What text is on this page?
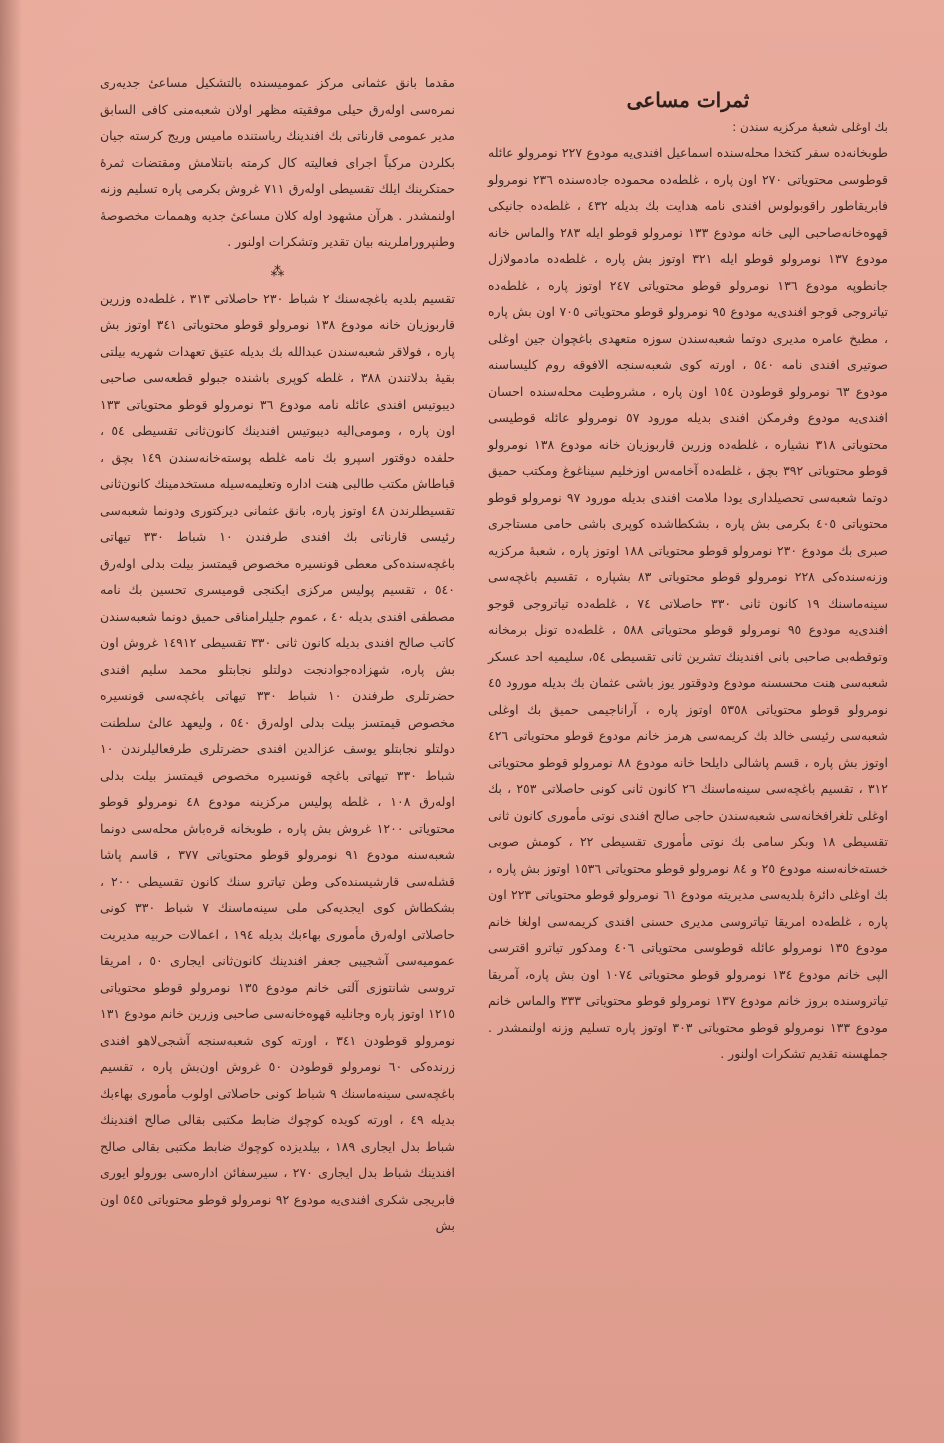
ثمرات مساعی
بك اوغلی شعبهٔ مركزیه سندن :
طوبخانه‌ده سفر كتخدا محله‌سنده اسماعیل افندی‌یه مودوع ٢٢٧ نومرولو عائله قوطوسی محتویاتی ٢٧٠ اون پاره ، غلطه‌ده محموده جاده‌سنده ٢٣٦ نومرولو فابریقاطور راقوبولوس افندی نامه هدایت بك بدیله ٤٣٢ ، غلطه‌ده جانیكی قهوه‌خانه‌صاحبی الپی خانه مودوع ١٣٣ نومرولو قوطو ایله ٢٨٣ والماس خانه مودوع ١٣٧ نومرولو قوطو ایله ٣٢١ اوتوز بش پاره ، غلطه‌ده مادمولازل جانطوپه مودوع ١٣٦ نومرولو قوطو محتویاتی ٢٤٧ اوتوز پاره ، غلطه‌ده تیاتروجی قوجو افندی‌یه مودوع ٩٥ نومرولو قوطو محتویاتی ٧٠٥ اون بش پاره ، مطبخ عامره مدیری دوتما شعبه‌سندن سوزه متعهدی باغچوان جین اوغلی صوتیری افندی نامه ٥٤٠ ، اورته كوی شعبه‌سنجه الافوقه روم كلیساسنه مودوع ٦٣ نومرولو قوطودن ١٥٤ اون پاره ، مشروطیت محله‌سنده احسان افندی‌یه مودوع وفرمكن افندی بدیله مورود ٥٧ نومرولو عائله قوطیسی محتویاتی ٣١٨ نشیاره ، غلطه‌ده وزرین قاربوزیان خانه مودوع ١٣٨ نومرولو قوطو محتویاتی ٣٩٢ بچق ، غلطه‌ده آخامه‌س اوزخلیم سیناغوغ ومكتب حمیق دوتما شعبه‌سی تحصیلداری یودا ملامت افندی بدیله مورود ٩٧ نومرولو قوطو محتویاتی ٤٠٥ بكرمی بش پاره ، بشكطاشده كوپری باشی حامی مستاجری صبری بك مودوع ٢٣٠ نومرولو قوطو محتویاتی ١٨٨ اوتوز پاره ، شعبهٔ مركزیه وزنه‌سنده‌كی ٢٢٨ نومرولو قوطو محتویاتی ٨٣ بشپاره ، تقسیم باغچه‌سی سینه‌ماسنك ١٩ كانون ثانی ٣٣٠ حاصلاتی ٧٤ ، غلطه‌ده تیاتروجی قوجو افندی‌یه مودوع ٩٥ نومرولو قوطو محتویاتی ٥٨٨ ، غلطه‌ده تونل برمخانه وتوقطه‌بی صاحبی بانی افندینك تشرین ثانی تقسیطی ٥٤، سلیمیه احد عسكر شعبه‌سی هنت محسسنه مودوع ودوقتور یوز باشی عثمان بك بدیله مورود ٤٥ نومرولو قوطو محتویاتی ٥٣٥٨ اوتوز پاره ، آراناجیمی حمیق بك اوغلی شعبه‌سی رئیسی خالد بك كریمه‌سی هرمز خانم مودوع قوطو محتویاتی ٤٢٦ اوتوز بش پاره ، قسم پاشالی دایلحا خانه مودوع ٨٨ نومرولو قوطو محتویاتی ٣١٢ ، تقسیم باغچه‌سی سینه‌ماسنك ٢٦ كانون ثانی كونی حاصلاتی ٢٥٣ ، بك اوغلی تلغرافخانه‌سی شعبه‌سندن حاجی صالح افندی نوتی مأموری كانون ثانی تقسیطی ١٨ وبكر سامی بك نوتی مأموری تقسیطی ٢٢ ، كومش صوبی خسته‌خانه‌سنه مودوع ٢٥ و ٨٤ نومرولو قوطو محتویاتی ١٥٣٦ اوتوز بش پاره ، بك اوغلی دائرهٔ بلدیه‌سی مدیریته مودوع ٦١ نومرولو قوطو محتویاتی ٢٢٣ اون پاره ، غلطه‌ده امریقا تیاتروسی مدیری حسنی افندی كریمه‌سی اولغا خانم مودوع ١٣٥ نومرولو عائله قوطوسی محتویاتی ٤٠٦ ومدكور تیاترو اقترسی الپی خانم مودوع ١٣٤ نومرولو قوطو محتویاتی ١٠٧٤ اون بش پاره، آمریقا تیاتروسنده بروز خانم مودوع ١٣٧ نومرولو قوطو محتویاتی ٣٣٣ والماس خانم مودوع ١٣٣ نومرولو قوطو محتویاتی ٣٠٣ اوتوز پاره تسلیم وزنه اولنمشدر . جملهسنه تقدیم تشكرات اولنور .
مقدما بانق عثمانی مركز عمومیسنده بالتشكیل مساعیٔ جدیه‌ری نمره‌سی اوله‌رق حیلی موفقیته مظهر اولان شعبه‌منی كافی السابق مدیر عمومی قارناتی بك افندینك ریاستنده مامیس وریج كرسته جیان بكلردن مركباً اجرای فعالیته كال كرمته بانتلامش ومقتضات ثمرهٔ حمتكرینك ایلك تقسیطی اوله‌رق ٧١١ غروش بكرمی پاره تسلیم وزنه اولنمشدر . هرآن مشهود اوله كلان مساعیٔ جدیه وهممات مخصوصهٔ وطنپروراملرینه بیان تقدیر وتشكرات اولنور .
⁂
تقسیم بلدیه باغچه‌سنك ٢ شباط ٢٣٠ حاصلاتی ٣١٣ ، غلطه‌ده وزرین قاربوزیان خانه مودوع ١٣٨ نومرولو قوطو محتویاتی ٣٤١ اوتوز بش پاره ، فولاقر شعبه‌سندن عبدالله بك بدیله عتیق تعهدات شهریه بیلتی بقیهٔ بدلاتندن ٣٨٨ ، غلطه كوپری باشنده جبولو قطعه‌سی صاحبی دیبوتیس افندی عائله نامه مودوع ٣٦ نومرولو قوطو محتویاتی ١٣٣ اون پاره ، ومومی‌الیه دیبوتیس افندینك كانون‌ثانی تقسیطی ٥٤ ، حلفده دوقتور اسپرو بك نامه غلطه پوسته‌خانه‌سندن ١٤٩ بچق ، قباطاش مكتب طالبی هنت اداره وتعلیمه‌سیله مستخدمینك كانون‌ثانی تقسیطلرندن ٤٨ اوتوز پاره، بانق عثمانی دیركتوری ودونما شعبه‌سی رئیسی قارناتی بك افندی طرفندن ١٠ شباط ٣٣٠ تیهاتی باغچه‌سنده‌كی معطی قونسیره مخصوص قیمتسز بیلت بدلی اوله‌رق ٥٤٠ ، تقسیم پولیس مركزی ایكنجی قومیسری تحسین بك نامه مصطفی افندی بدیله ٤٠ ، عموم جلیلرامناقی حمیق دونما شعبه‌سندن كاتب صالح افندی بدیله كانون ثانی ٣٣٠ تقسیطی ١٤٩١٢ غروش اون بش پاره، شهزاده‌جوادنجت دولتلو نجابتلو محمد سلیم افندی حضرتلری طرفندن ١٠ شباط ٣٣٠ تیهاتی باغچه‌سی قونسیره مخصوص قیمتسز بیلت بدلی اوله‌رق ٥٤٠ ، ولیعهد عالیٔ سلطنت دولتلو نجابتلو یوسف عزالدین افندی حضرتلری طرفعالیلرندن ١٠ شباط ٣٣٠ تیهاتی باغچه قونسیره مخصوص قیمتسز بیلت بدلی اوله‌رق ١٠٨ ، غلطه پولیس مركزینه مودوع ٤٨ نومرولو قوطو محتویاتی ١٢٠٠ غروش بش پاره ، طوبخانه قره‌باش محله‌سی دونما شعبه‌سنه مودوع ٩١ نومرولو قوطو محتویاتی ٣٧٧ ، قاسم پاشا قشله‌سی قارشیسنده‌كی وطن تیاترو سنك كانون تقسیطی ٢٠٠ ، بشكطاش كوی ایجدیه‌كی ملی سینه‌ماسنك ٧ شباط ٣٣٠ كونی حاصلاتی اوله‌رق مأموری بهاءبك بدیله ١٩٤ ، اعمالات حربیه مدیریت عمومیه‌سی آشجیبی جعفر افندینك كانون‌ثانی ایجاری ٥٠ ، امریقا تروسی شانتوزی آلتی خانم مودوع ١٣٥ نومرولو قوطو محتویاتی ١٢١٥ اوتوز پاره وجانلیه قهوه‌خانه‌سی صاحبی وزرین خانم مودوع ١٣١ نومرولو قوطودن ٣٤١ ، اورته كوی شعبه‌سنجه آشجی‌لاهو افندی زرنده‌كی ٦٠ نومرولو قوطودن ٥٠ غروش اون‌بش پاره ، تقسیم باغچه‌سی سینه‌ماسنك ٩ شباط كونی حاصلاتی اولوب مأموری بهاءبك بدیله ٤٩ ، اورته كویده كوچوك ضابط مكتبی بقالی صالح افندینك شباط بدل ایجاری ١٨٩ ، بیلدیزده كوچوك ضابط مكتبی بقالی صالح افندینك شباط بدل ایجاری ٢٧٠ ، سیرسفائن اداره‌سی بورولو ایوری فابریجی شكری افندی‌یه مودوع ٩٢ نومرولو قوطو محتویاتی ٥٤٥ اون بش
